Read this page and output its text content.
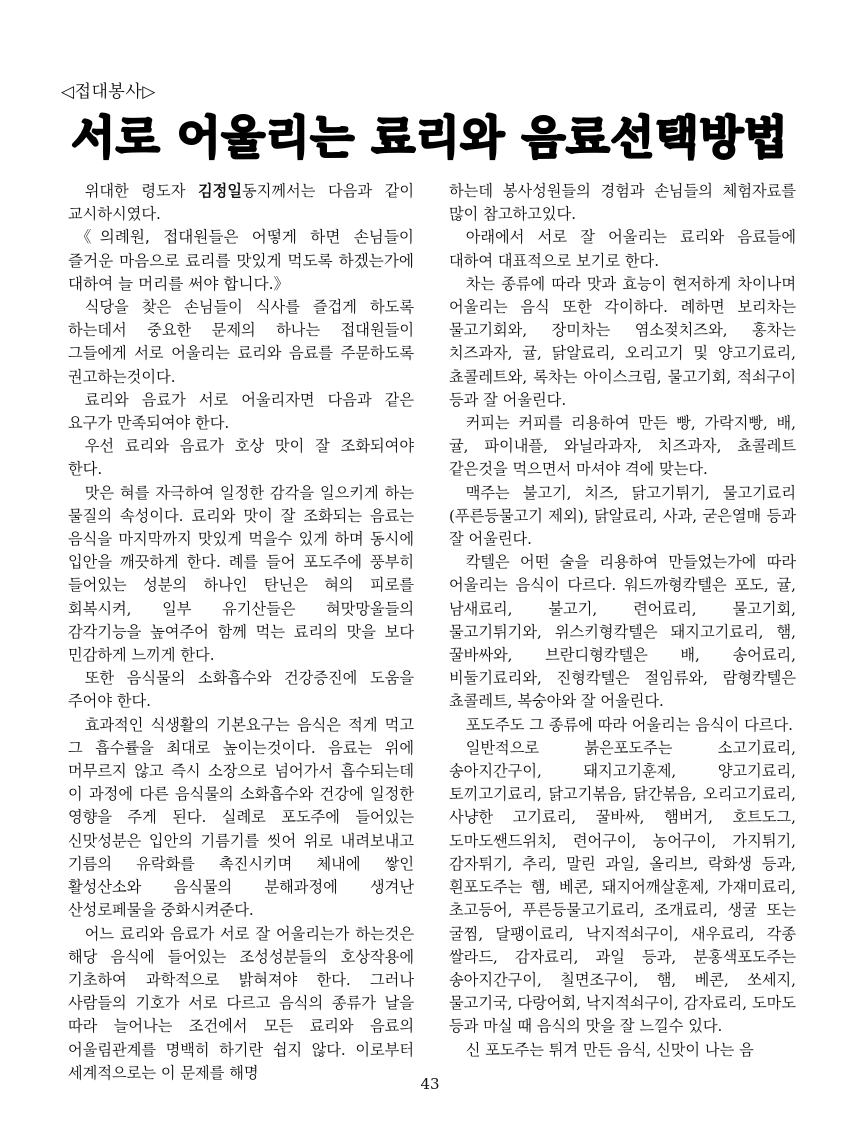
◁접대봉사▷
서로 어울리는 료리와 음료선택방법

위대한 령도자 김정일동지께서는 다음과 같이 교시하시였다.

《의례원, 접대원들은 어떻게 하면 손님들이 즐거운 마음으로 료리를 맛있게 먹도록 하겠는가에 대하여 늘 머리를 써야 합니다.》

식당을 찾은 손님들이 식사를 즐겁게 하도록 하는데서 중요한 문제의 하나는 접대원들이 그들에게 서로 어울리는 료리와 음료를 주문하도록 권고하는것이다.

료리와 음료가 서로 어울리자면 다음과 같은 요구가 만족되여야 한다.

우선 료리와 음료가 호상 맛이 잘 조화되여야 한다.

맛은 혀를 자극하여 일정한 감각을 일으키게 하는 물질의 속성이다. 료리와 맛이 잘 조화되는 음료는 음식을 마지막까지 맛있게 먹을수 있게 하며 동시에 입안을 깨끗하게 한다. 례를 들어 포도주에 풍부히 들어있는 성분의 하나인 탄닌은 혀의 피로를 회복시켜, 일부 유기산들은 혀맛망울들의 감각기능을 높여주어 함께 먹는 료리의 맛을 보다 민감하게 느끼게 한다.

또한 음식물의 소화흡수와 건강증진에 도움을 주어야 한다.

효과적인 식생활의 기본요구는 음식은 적게 먹고 그 흡수률을 최대로 높이는것이다. 음료는 위에 머무르지 않고 즉시 소장으로 넘어가서 흡수되는데 이 과정에 다른 음식물의 소화흡수와 건강에 일정한 영향을 주게 된다. 실례로 포도주에 들어있는 신맛성분은 입안의 기름기를 씻어 위로 내려보내고 기름의 유락화를 촉진시키며 체내에 쌓인 활성산소와 음식물의 분해과정에 생겨난 산성로페물을 중화시켜준다.

어느 료리와 음료가 서로 잘 어울리는가 하는것은 해당 음식에 들어있는 조성성분들의 호상작용에 기초하여 과학적으로 밝혀져야 한다. 그러나 사람들의 기호가 서로 다르고 음식의 종류가 날을 따라 늘어나는 조건에서 모든 료리와 음료의 어울림관계를 명백히 하기란 쉽지 않다. 이로부터 세계적으로는 이 문제를 해명

하는데 봉사성원들의 경험과 손님들의 체험자료를 많이 참고하고있다.

아래에서 서로 잘 어울리는 료리와 음료들에 대하여 대표적으로 보기로 한다.

차는 종류에 따라 맛과 효능이 현저하게 차이나며 어울리는 음식 또한 각이하다. 례하면 보리차는 물고기회와, 장미차는 염소젖치즈와, 홍차는 치즈과자, 귤, 닭알료리, 오리고기 및 양고기료리, 쵸콜레트와, 록차는 아이스크림, 물고기회, 적쇠구이 등과 잘 어울린다.

커피는 커피를 리용하여 만든 빵, 가락지빵, 배, 귤, 파이내플, 와닐라과자, 치즈과자, 쵸콜레트 같은것을 먹으면서 마셔야 격에 맞는다.

맥주는 불고기, 치즈, 닭고기튀기, 물고기료리(푸른등물고기 제외), 닭알료리, 사과, 굳은열매 등과 잘 어울린다.

칵텔은 어떤 술을 리용하여 만들었는가에 따라 어울리는 음식이 다르다. 워드까형칵텔은 포도, 귤, 남새료리, 불고기, 련어료리, 물고기회, 물고기튀기와, 위스키형칵텔은 돼지고기료리, 햄, 꿀바싸와, 브란디형칵텔은 배, 송어료리, 비둘기료리와, 진형칵텔은 절임류와, 람형칵텔은 쵸콜레트, 복숭아와 잘 어울린다.

포도주도 그 종류에 따라 어울리는 음식이 다르다.

일반적으로 붉은포도주는 소고기료리, 송아지간구이, 돼지고기훈제, 양고기료리, 토끼고기료리, 닭고기볶음, 닭간볶음, 오리고기료리, 사냥한 고기료리, 꿀바싸, 햄버거, 호트도그, 도마도쌘드위치, 련어구이, 농어구이, 가지튀기, 감자튀기, 추리, 말린 과일, 올리브, 락화생 등과, 흰포도주는 햄, 베콘, 돼지어깨살훈제, 가재미료리, 초고등어, 푸른등물고기료리, 조개료리, 생굴 또는 굴찜, 달팽이료리, 낙지적쇠구이, 새우료리, 각종 쌀라드, 감자료리, 과일 등과, 분홍색포도주는 송아지간구이, 칠면조구이, 햄, 베콘, 쏘세지, 물고기국, 다랑어회, 낙지적쇠구이, 감자료리, 도마도 등과 마실 때 음식의 맛을 잘 느낄수 있다.

신 포도주는 튀겨 만든 음식, 신맛이 나는 음

43
